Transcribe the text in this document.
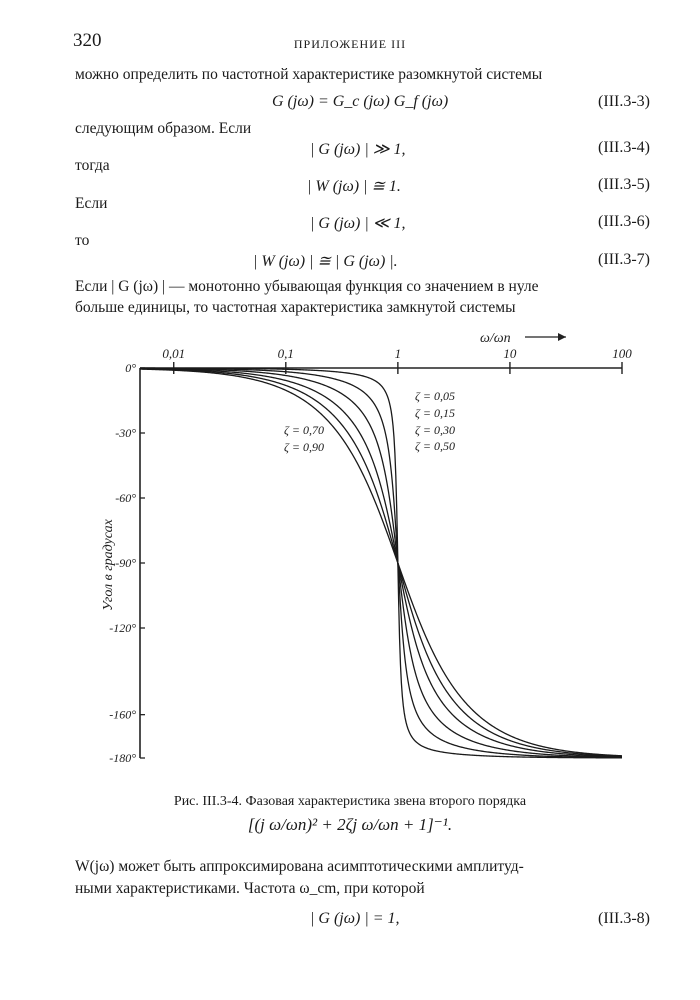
320	ПРИЛОЖЕНИЕ III
можно определить по частотной характеристике разомкнутой системы
G (jω) = G_c (jω) G_f (jω)	(III.3-3)
следующим образом. Если
| G (jω) | ≫ 1,	(III.3-4)
тогда
| W (jω) | ≅ 1.	(III.3-5)
Если
| G (jω) | ≪ 1,	(III.3-6)
то
| W (jω) | ≅ | G (jω) |.	(III.3-7)
Если | G (jω) | — монотонно убывающая функция со значением в нуле
больше единицы, то частотная характеристика замкнутой системы
0,01	0,1	1	10	100
0°
-30°
-60°
-90°
-120°
-160°
-180°
ω/ωn
Угол в градусах
ζ = 0,05
ζ = 0,15
ζ = 0,30
ζ = 0,50
ζ = 0,70
ζ = 0,90
Рис. III.3-4. Фазовая характеристика звена второго порядка
[(j ω/ωn)² + 2ζj ω/ωn + 1]⁻¹.
W(jω) может быть аппроксимирована асимптотическими амплитуд-
ными характеристиками. Частота ω_cm, при которой
| G (jω) | = 1,	(III.3-8)
